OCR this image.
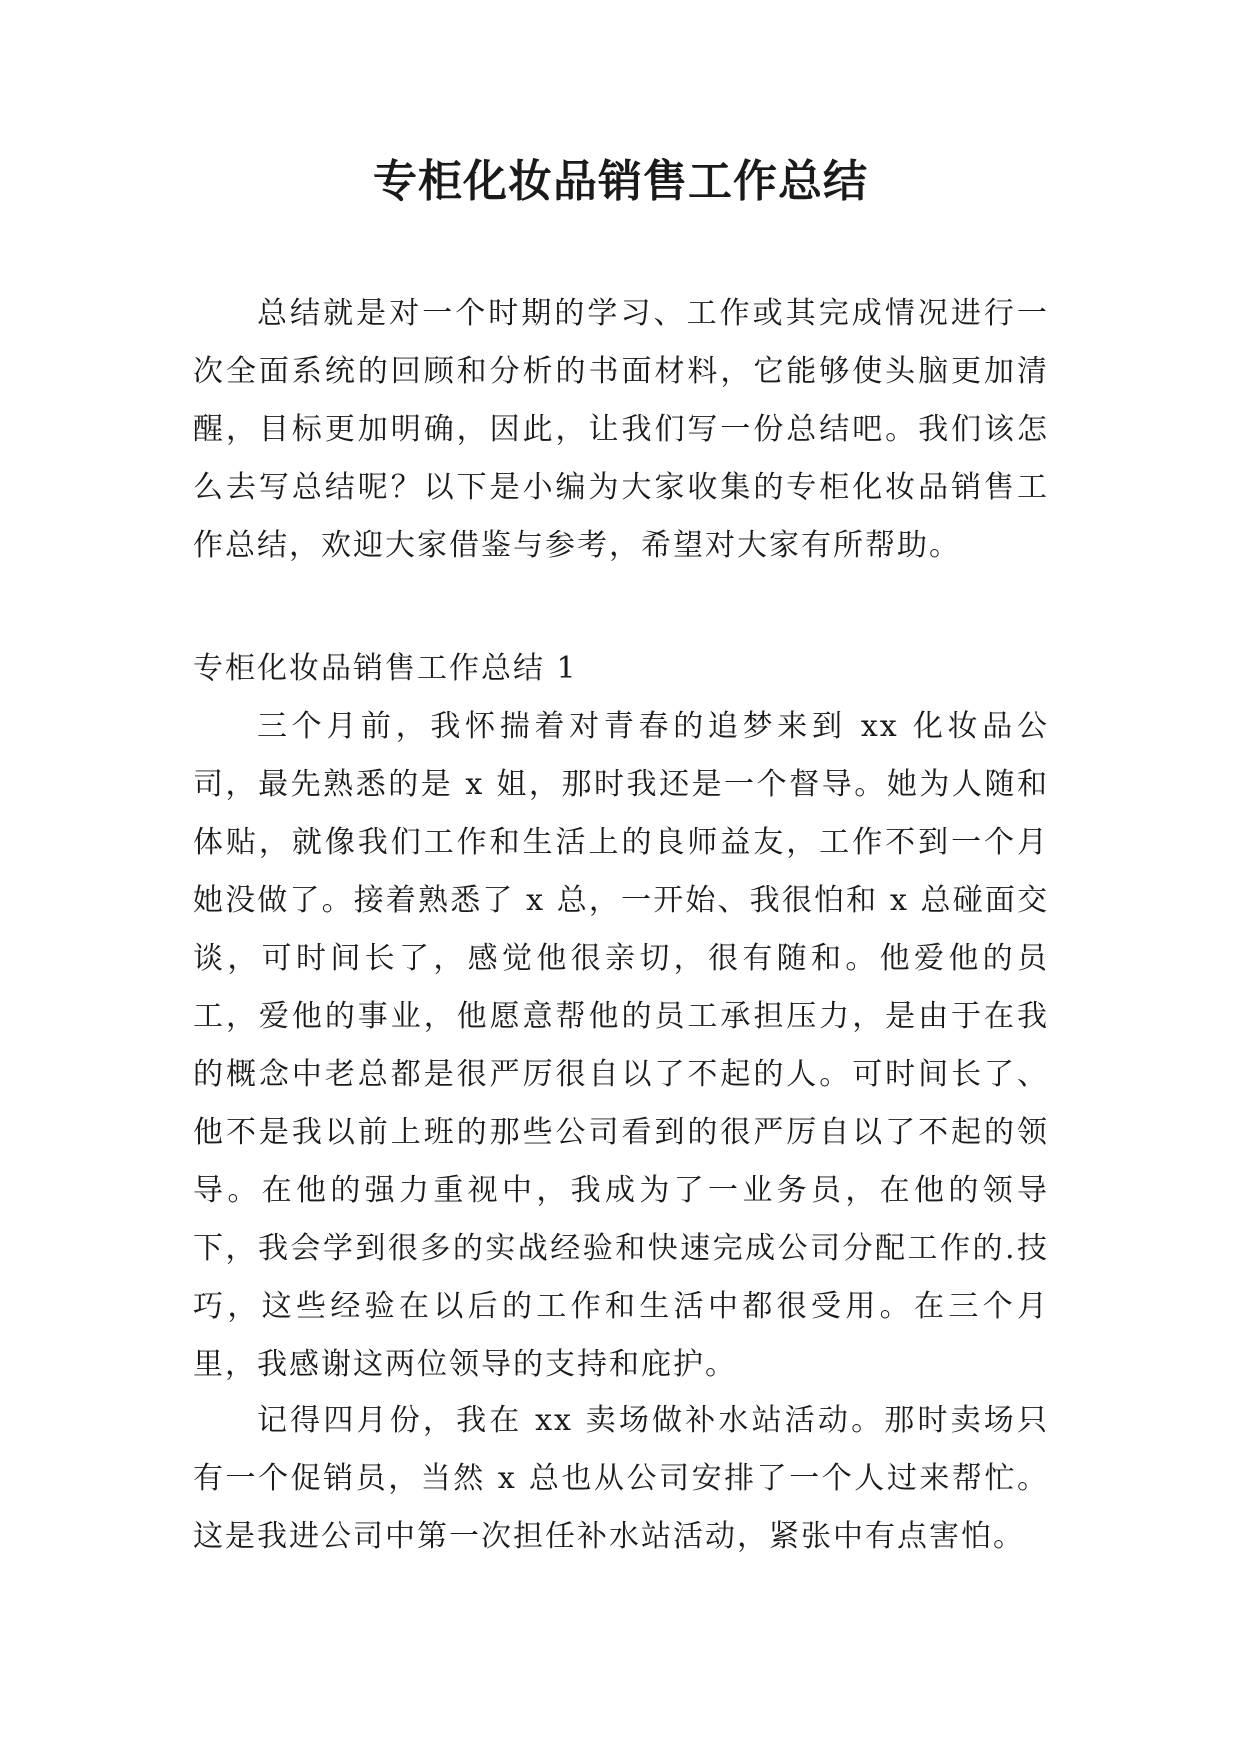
专柜化妆品销售工作总结

总结就是对一个时期的学习、工作或其完成情况进行一次全面系统的回顾和分析的书面材料，它能够使头脑更加清醒，目标更加明确，因此，让我们写一份总结吧。我们该怎么去写总结呢？以下是小编为大家收集的专柜化妆品销售工作总结，欢迎大家借鉴与参考，希望对大家有所帮助。

专柜化妆品销售工作总结 1

三个月前，我怀揣着对青春的追梦来到 xx 化妆品公司，最先熟悉的是 x 姐，那时我还是一个督导。她为人随和体贴，就像我们工作和生活上的良师益友，工作不到一个月她没做了。接着熟悉了 x 总，一开始、我很怕和 x 总碰面交谈，可时间长了，感觉他很亲切，很有随和。他爱他的员工，爱他的事业，他愿意帮他的员工承担压力，是由于在我的概念中老总都是很严厉很自以了不起的人。可时间长了、他不是我以前上班的那些公司看到的很严厉自以了不起的领导。在他的强力重视中，我成为了一业务员，在他的领导下，我会学到很多的实战经验和快速完成公司分配工作的.技巧，这些经验在以后的工作和生活中都很受用。在三个月里，我感谢这两位领导的支持和庇护。

记得四月份，我在 xx 卖场做补水站活动。那时卖场只有一个促销员，当然 x 总也从公司安排了一个人过来帮忙。这是我进公司中第一次担任补水站活动，紧张中有点害怕。
